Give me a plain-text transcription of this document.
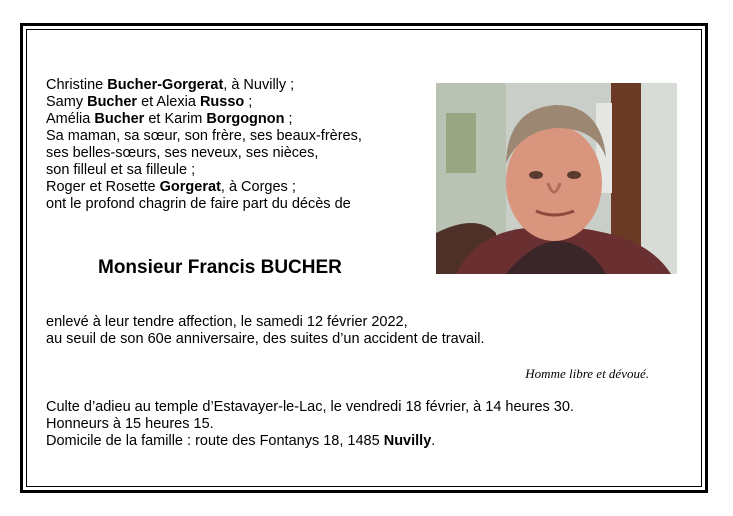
Christine Bucher-Gorgerat, à Nuvilly ;
Samy Bucher et Alexia Russo ;
Amélia Bucher et Karim Borgognon ;
Sa maman, sa sœur, son frère, ses beaux-frères,
ses belles-sœurs, ses neveux, ses nièces,
son filleul et sa filleule ;
Roger et Rosette Gorgerat, à Corges ;
ont le profond chagrin de faire part du décès de
Monsieur Francis BUCHER
enlevé à leur tendre affection, le samedi 12 février 2022,
au seuil de son 60e anniversaire, des suites d’un accident de travail.
Homme libre et dévoué.
Culte d’adieu au temple d’Estavayer-le-Lac, le vendredi 18 février, à 14 heures 30.
Honneurs à 15 heures 15.
Domicile de la famille : route des Fontanys 18, 1485 Nuvilly.
